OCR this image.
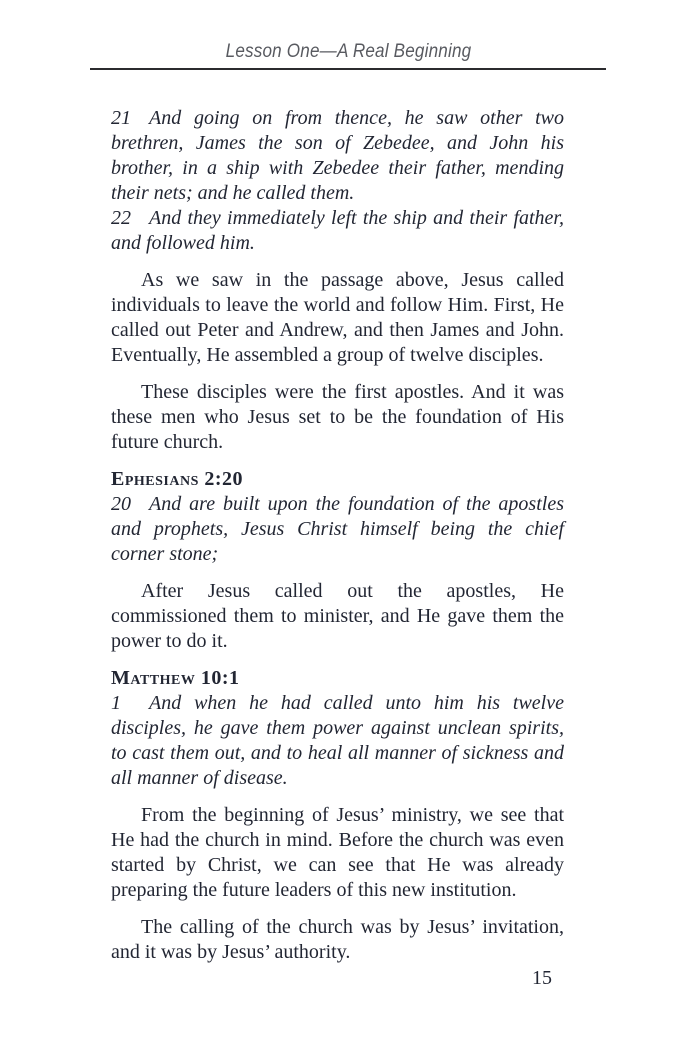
Lesson One—A Real Beginning

21 And going on from thence, he saw other two brethren, James the son of Zebedee, and John his brother, in a ship with Zebedee their father, mending their nets; and he called them.

22 And they immediately left the ship and their father, and followed him.

As we saw in the passage above, Jesus called individuals to leave the world and follow Him. First, He called out Peter and Andrew, and then James and John. Eventually, He assembled a group of twelve disciples.

These disciples were the first apostles. And it was these men who Jesus set to be the foundation of His future church.

Ephesians 2:20

20 And are built upon the foundation of the apostles and prophets, Jesus Christ himself being the chief corner stone;

After Jesus called out the apostles, He commissioned them to minister, and He gave them the power to do it.

Matthew 10:1

1 And when he had called unto him his twelve disciples, he gave them power against unclean spirits, to cast them out, and to heal all manner of sickness and all manner of disease.

From the beginning of Jesus’ ministry, we see that He had the church in mind. Before the church was even started by Christ, we can see that He was already preparing the future leaders of this new institution.

The calling of the church was by Jesus’ invitation, and it was by Jesus’ authority.

15
